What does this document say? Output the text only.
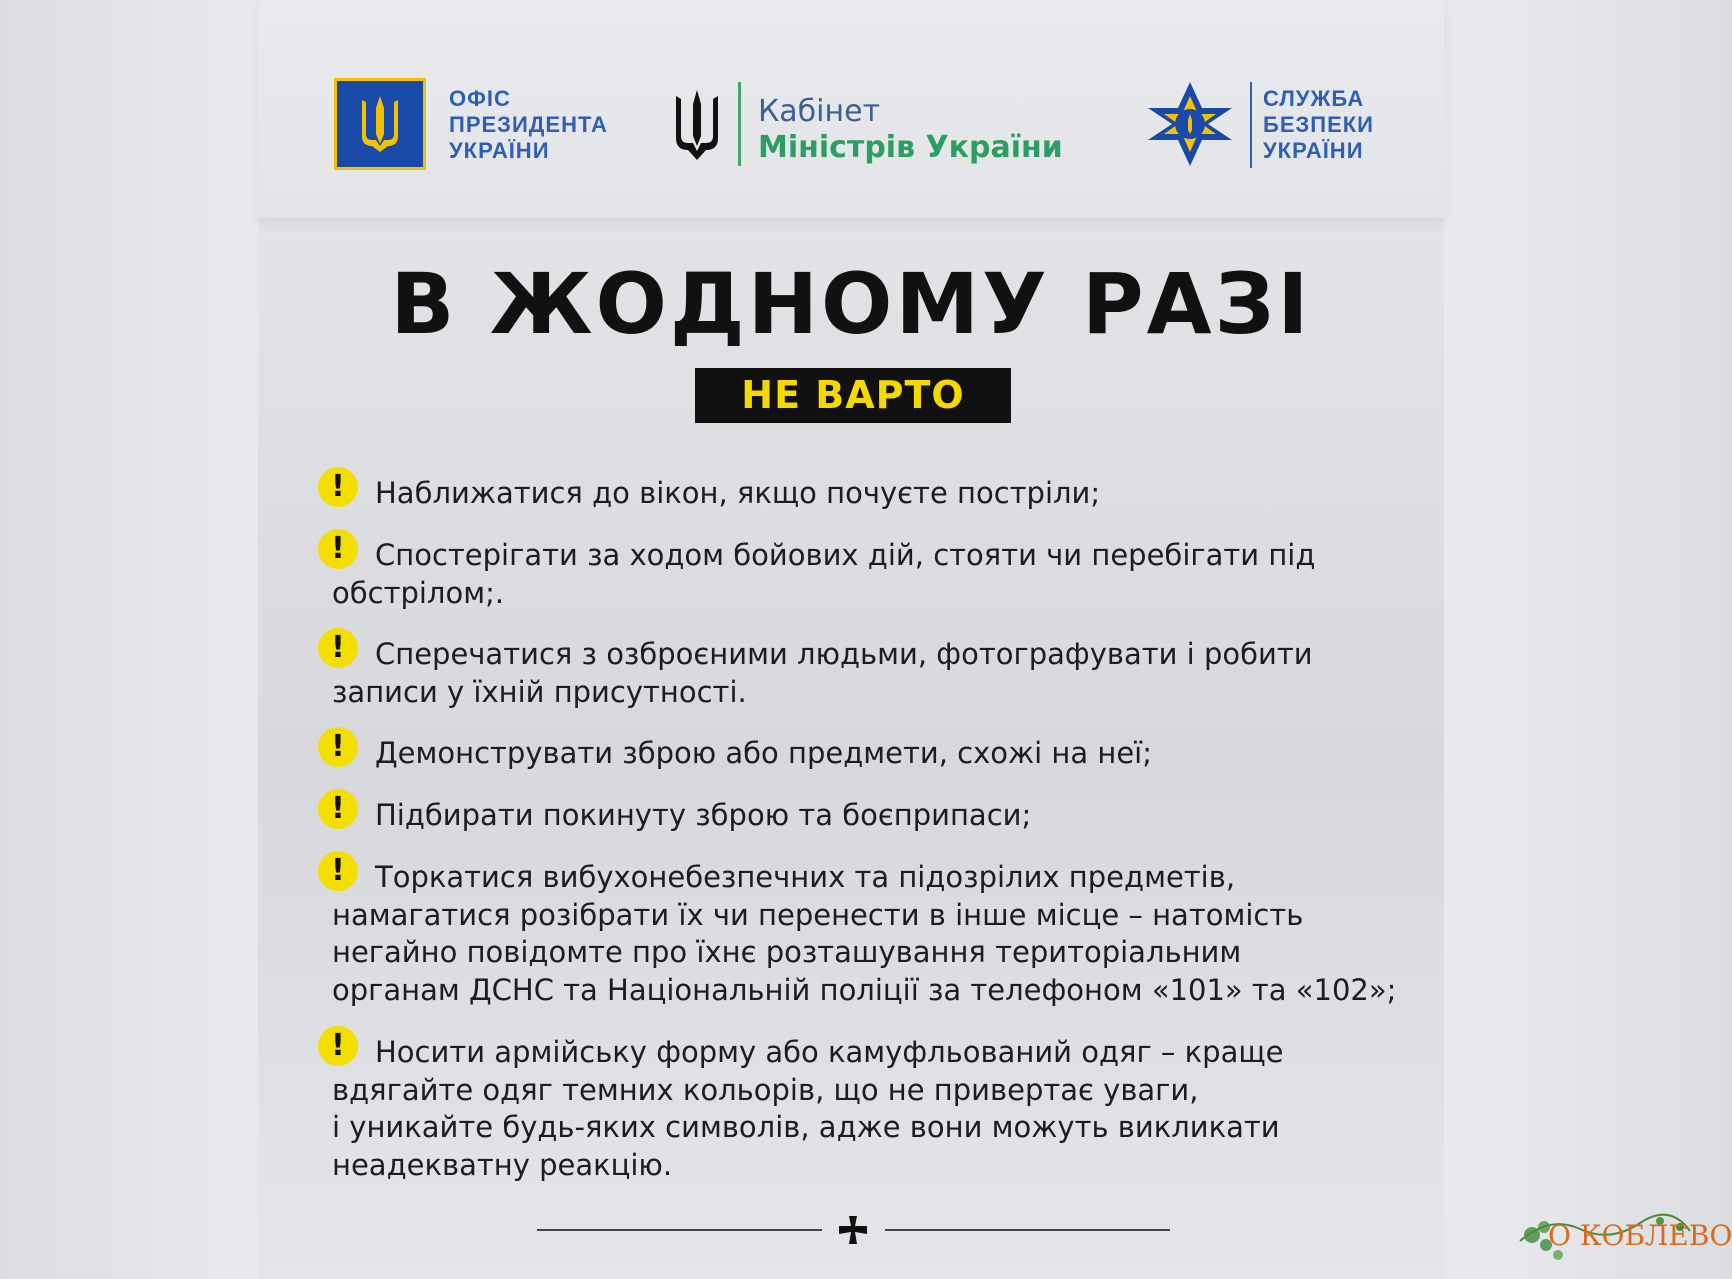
ОФІС
ПРЕЗИДЕНТА
УКРАЇНИ
Кабінет
Міністрів України
СЛУЖБА
БЕЗПЕКИ
УКРАЇНИ
В ЖОДНОМУ РАЗІ
НЕ ВАРТО
!
Наближатися до вікон, якщо почуєте постріли;
!
Спостерігати за ходом бойових дій, стояти чи перебігати під
обстрілом;.
!
Сперечатися з озброєними людьми, фотографувати і робити
записи у їхній присутності.
!
Демонструвати зброю або предмети, схожі на неї;
!
Підбирати покинуту зброю та боєприпаси;
!
Торкатися вибухонебезпечних та підозрілих предметів,
намагатися розібрати їх чи перенести в інше місце – натомість
негайно повідомте про їхнє розташування територіальним
органам ДСНС та Національній поліції за телефоном «101» та «102»;
!
Носити армійську форму або камуфльований одяг – краще
вдягайте одяг темних кольорів, що не привертає уваги,
і уникайте будь-яких символів, адже вони можуть викликати
неадекватну реакцію.
О КОБЛЕВО
